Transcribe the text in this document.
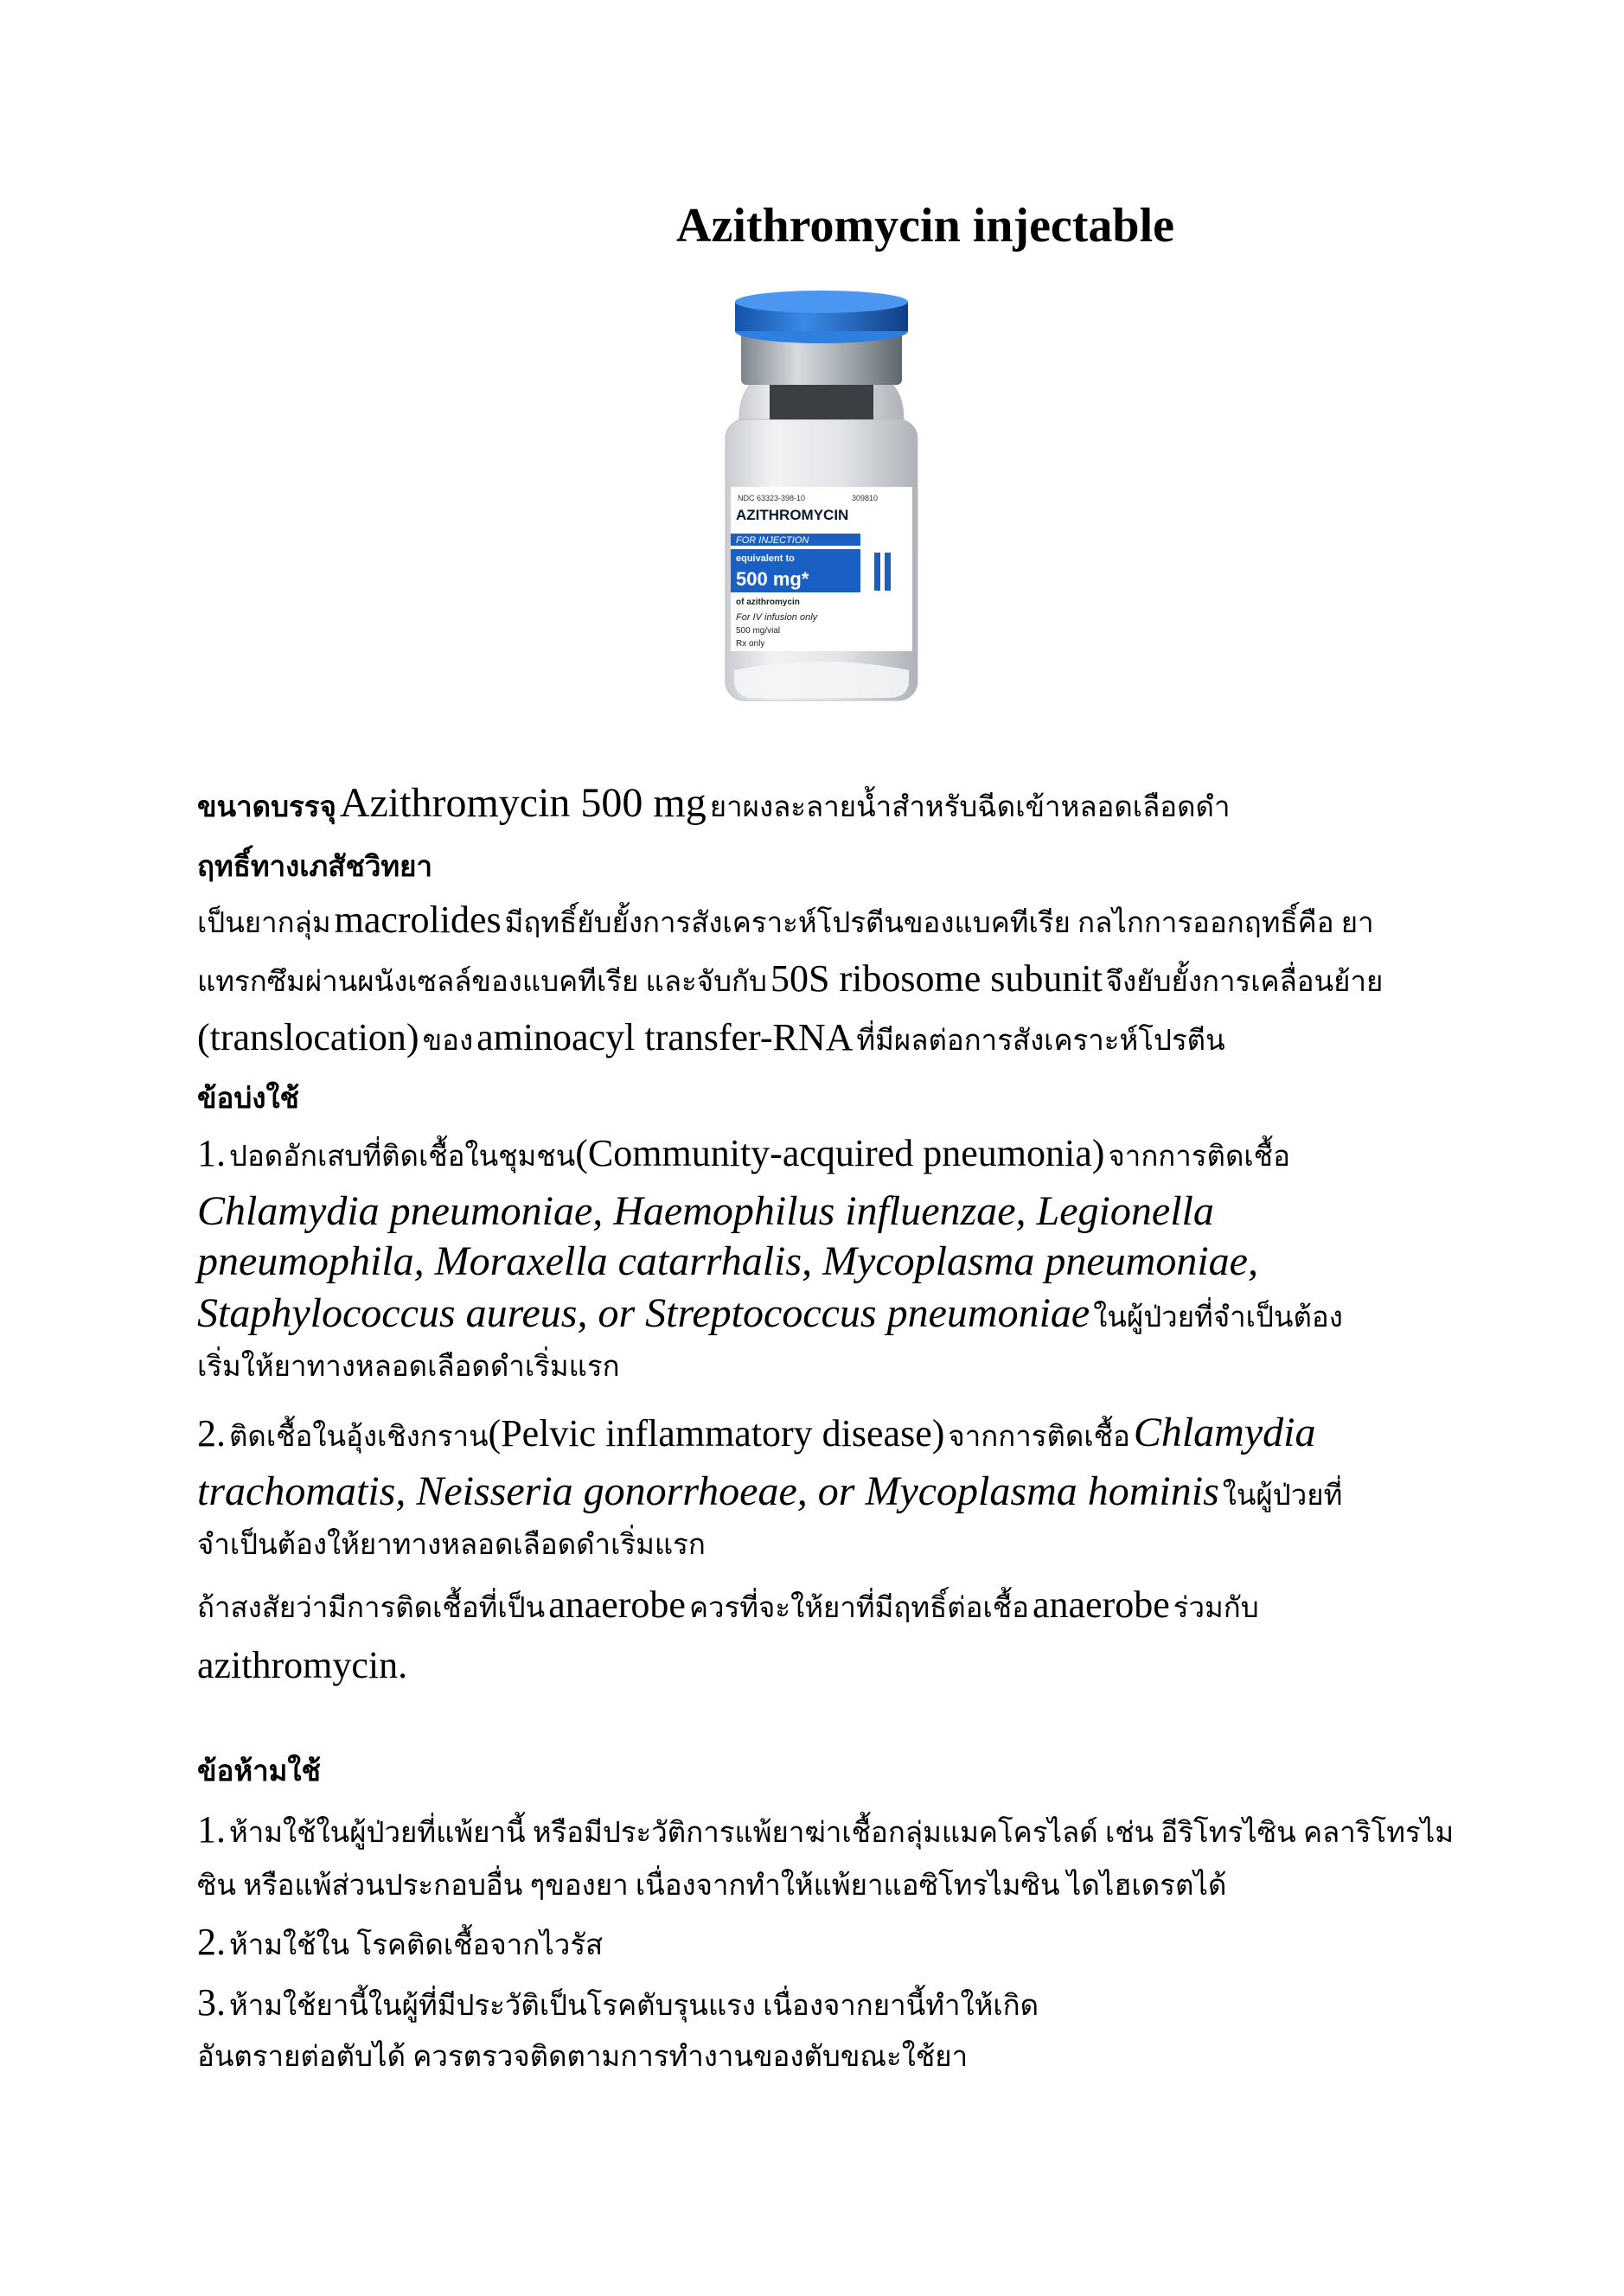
Azithromycin injectable
NDC 63323-398-10	309810
AZITHROMYCIN
FOR INJECTION
equivalent to
500 mg*
of azithromycin
For IV infusion only
500 mg/vial
Rx only

ขนาดบรรจุ Azithromycin 500 mg ยาผงละลายน้ำสำหรับฉีดเข้าหลอดเลือดดำ

ฤทธิ์ทางเภสัชวิทยา

เป็นยากลุ่ม macrolides มีฤทธิ์ยับยั้งการสังเคราะห์โปรตีนของแบคทีเรีย กลไกการออกฤทธิ์คือ ยา

แทรกซึมผ่านผนังเซลล์ของแบคทีเรีย และจับกับ 50S ribosome subunit จึงยับยั้งการเคลื่อนย้าย

(translocation) ของ aminoacyl transfer-RNA ที่มีผลต่อการสังเคราะห์โปรตีน

ข้อบ่งใช้

1. ปอดอักเสบที่ติดเชื้อในชุมชน(Community-acquired pneumonia) จากการติดเชื้อ

Chlamydia pneumoniae, Haemophilus influenzae, Legionella

pneumophila, Moraxella catarrhalis, Mycoplasma pneumoniae,

Staphylococcus aureus, or Streptococcus pneumoniae ในผู้ป่วยที่จำเป็นต้อง

เริ่มให้ยาทางหลอดเลือดดำเริ่มแรก

2. ติดเชื้อในอุ้งเชิงกราน(Pelvic inflammatory disease) จากการติดเชื้อ Chlamydia

trachomatis, Neisseria gonorrhoeae, or Mycoplasma hominis ในผู้ป่วยที่

จำเป็นต้องให้ยาทางหลอดเลือดดำเริ่มแรก

ถ้าสงสัยว่ามีการติดเชื้อที่เป็น anaerobe ควรที่จะให้ยาที่มีฤทธิ์ต่อเชื้อ anaerobe ร่วมกับ

azithromycin.

ข้อห้ามใช้

1. ห้ามใช้ในผู้ป่วยที่แพ้ยานี้ หรือมีประวัติการแพ้ยาฆ่าเชื้อกลุ่มแมคโครไลด์ เช่น อีริโทรไซิน คลาริโทรไม

ซิน หรือแพ้ส่วนประกอบอื่น ๆของยา เนื่องจากทำให้แพ้ยาแอซิโทรไมซิน ไดไฮเดรตได้

2. ห้ามใช้ใน โรคติดเชื้อจากไวรัส

3. ห้ามใช้ยานี้ในผู้ที่มีประวัติเป็นโรคตับรุนแรง เนื่องจากยานี้ทำให้เกิด

อันตรายต่อตับได้ ควรตรวจติดตามการทำงานของตับขณะใช้ยา
